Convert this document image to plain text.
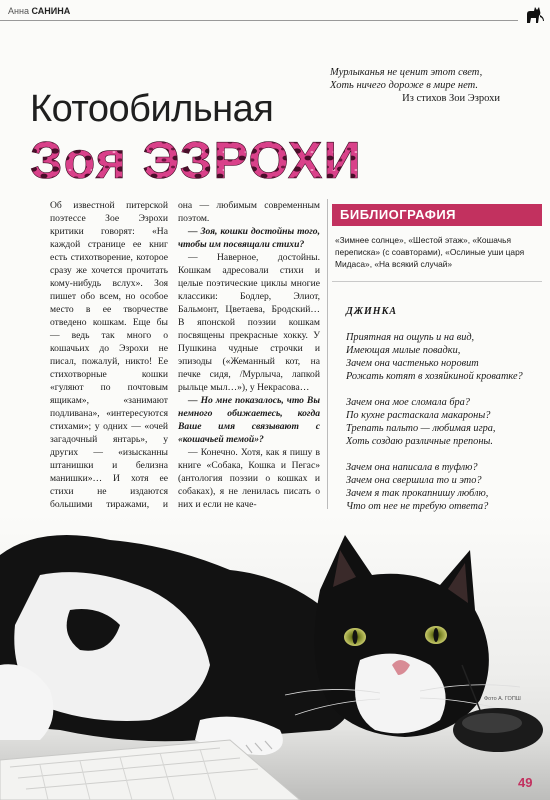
Анна САНИНА
Мурлыканья не ценит этот свет,
Хоть ничего дороже в мире нет.
Из стихов Зои Эзрохи
Котообильная
Зоя ЭЗРОХИ

Об известной питерской поэтессе Зое Эзрохи критики говорят: «На каждой странице ее книг есть стихотворение, которое сразу же хочется прочитать кому-нибудь вслух». Зоя пишет обо всем, но особое место в ее творчестве отведено кошкам. Еще бы — ведь так много о кошачьих до Эзрохи не писал, пожалуй, никто! Ее стихотворные кошки «гуляют по почтовым ящикам», «занимают подливана», «интересуются стихами»; у одних — «очей загадочный янтарь», у других — «изысканны штанишки и белизна манишки»… И хотя ее стихи не издаются большими тиражами, и

она — любимым современным поэтом.

— Зоя, кошки достойны того, чтобы им посвящали стихи?

— Наверное, достойны. Кошкам адресовали стихи и целые поэтические циклы многие классики: Бодлер, Элиот, Бальмонт, Цветаева, Бродский… В японской поэзии кошкам посвящены прекрасные хокку. У Пушкина чудные строчки и эпизоды («Жеманный кот, на печке сидя, /Мурлыча, лапкой рыльце мыл…»), у Некрасова…

— Но мне показалось, что Вы немного обижаетесь, когда Ваше имя связывают с «кошачьей темой»?

— Конечно. Хотя, как я пишу в книге «Собака, Кошка и Пегас» (антология поэзии о кошках и собаках), я не ленилась писать о них и если не каче-

БИБЛИОГРАФИЯ
«Зимнее солнце», «Шестой этаж», «Кошачья переписка» (с соавторами), «Ослиные уши царя Мидаса», «На всякий случай»
ДЖИНКА
Приятная на ощупь и на вид,
Имеющая милые повадки,
Зачем она частенько норовит
Рожать котят в хозяйкиной кроватке?
Зачем она мое сломала бра?
По кухне растаскала макароны?
Трепать пальто — любимая игра,
Хоть создаю различные препоны.
Зачем она написала в туфлю?
Зачем она свершила то и это?
Зачем я так прокапнишу люблю,
Что от нее не требую ответа?
Фото А. ГОПШ
49
